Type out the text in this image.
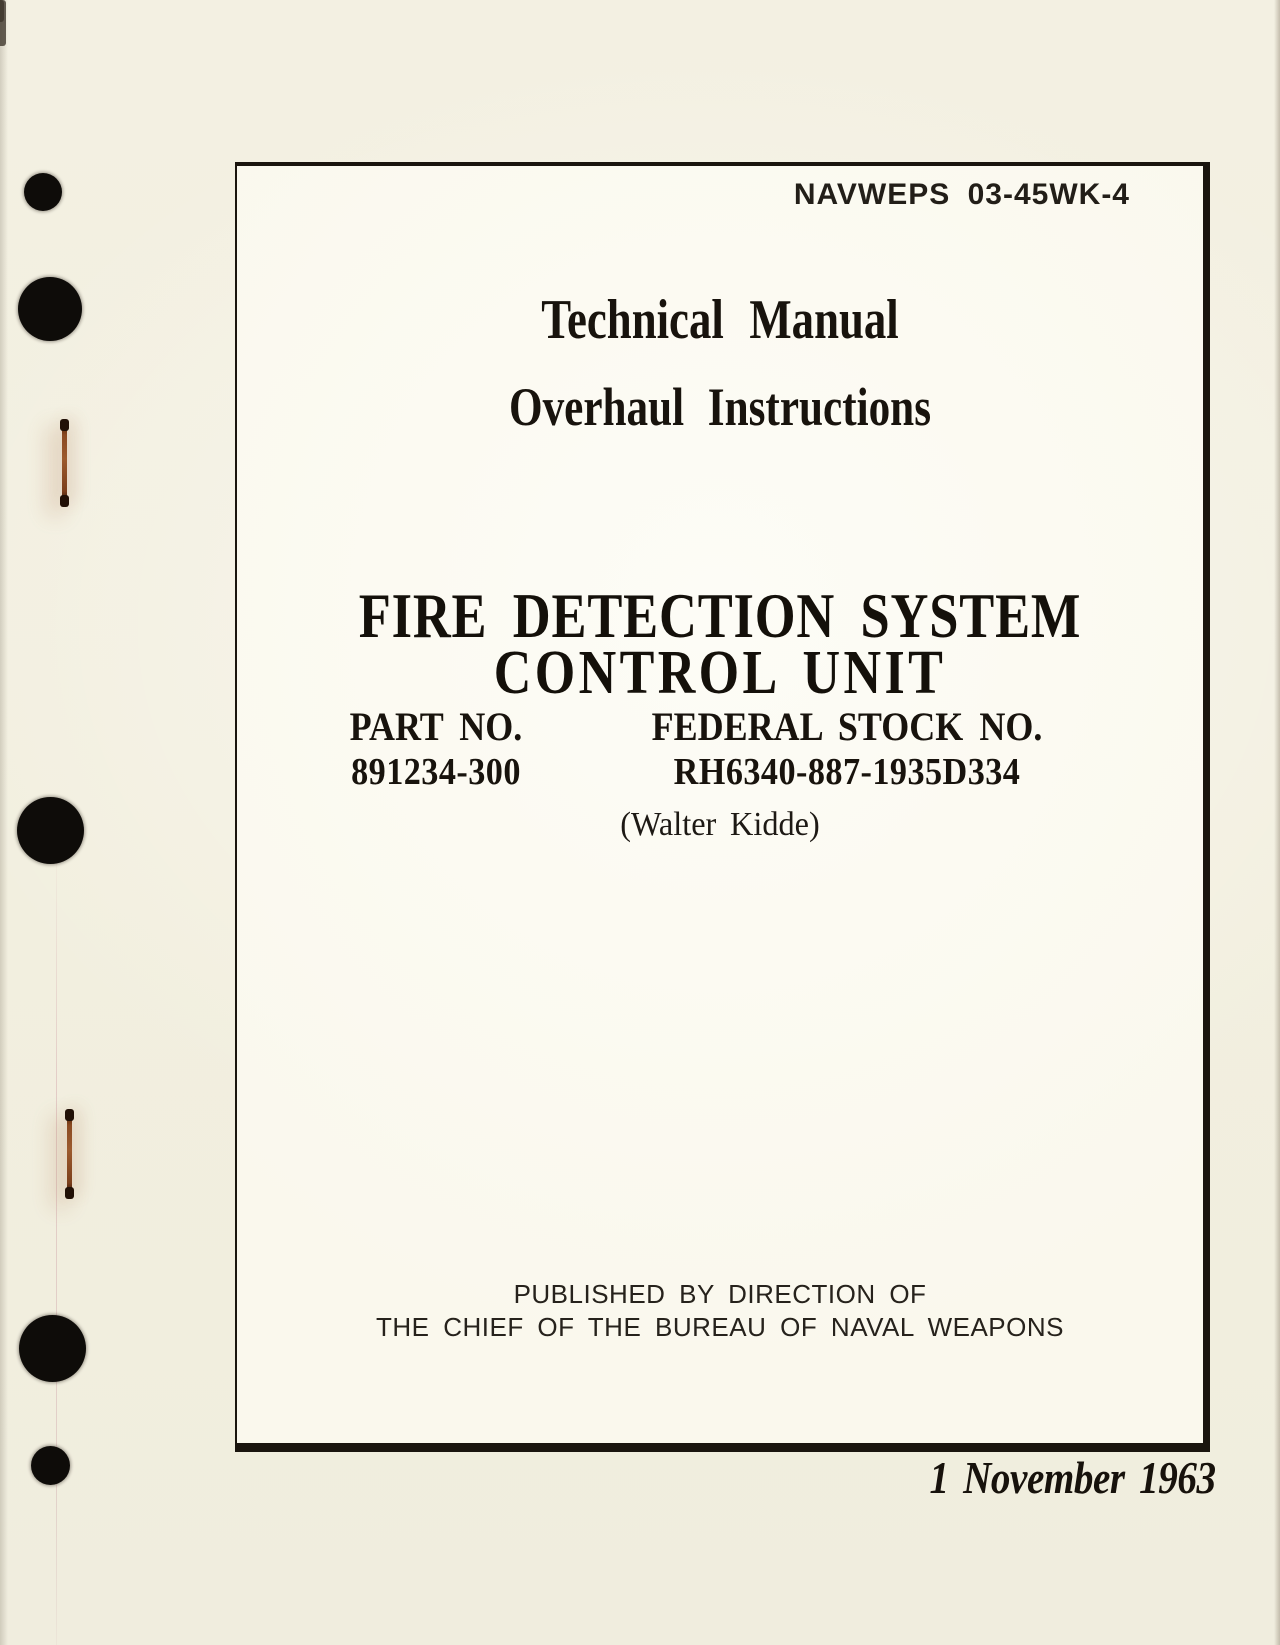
NAVWEPS 03-45WK-4
Technical Manual
Overhaul Instructions
FIRE DETECTION SYSTEM
CONTROL UNIT
PART NO.
891234-300
FEDERAL STOCK NO.
RH6340-887-1935D334
(Walter Kidde)
PUBLISHED BY DIRECTION OF
THE CHIEF OF THE BUREAU OF NAVAL WEAPONS
1 November 1963
